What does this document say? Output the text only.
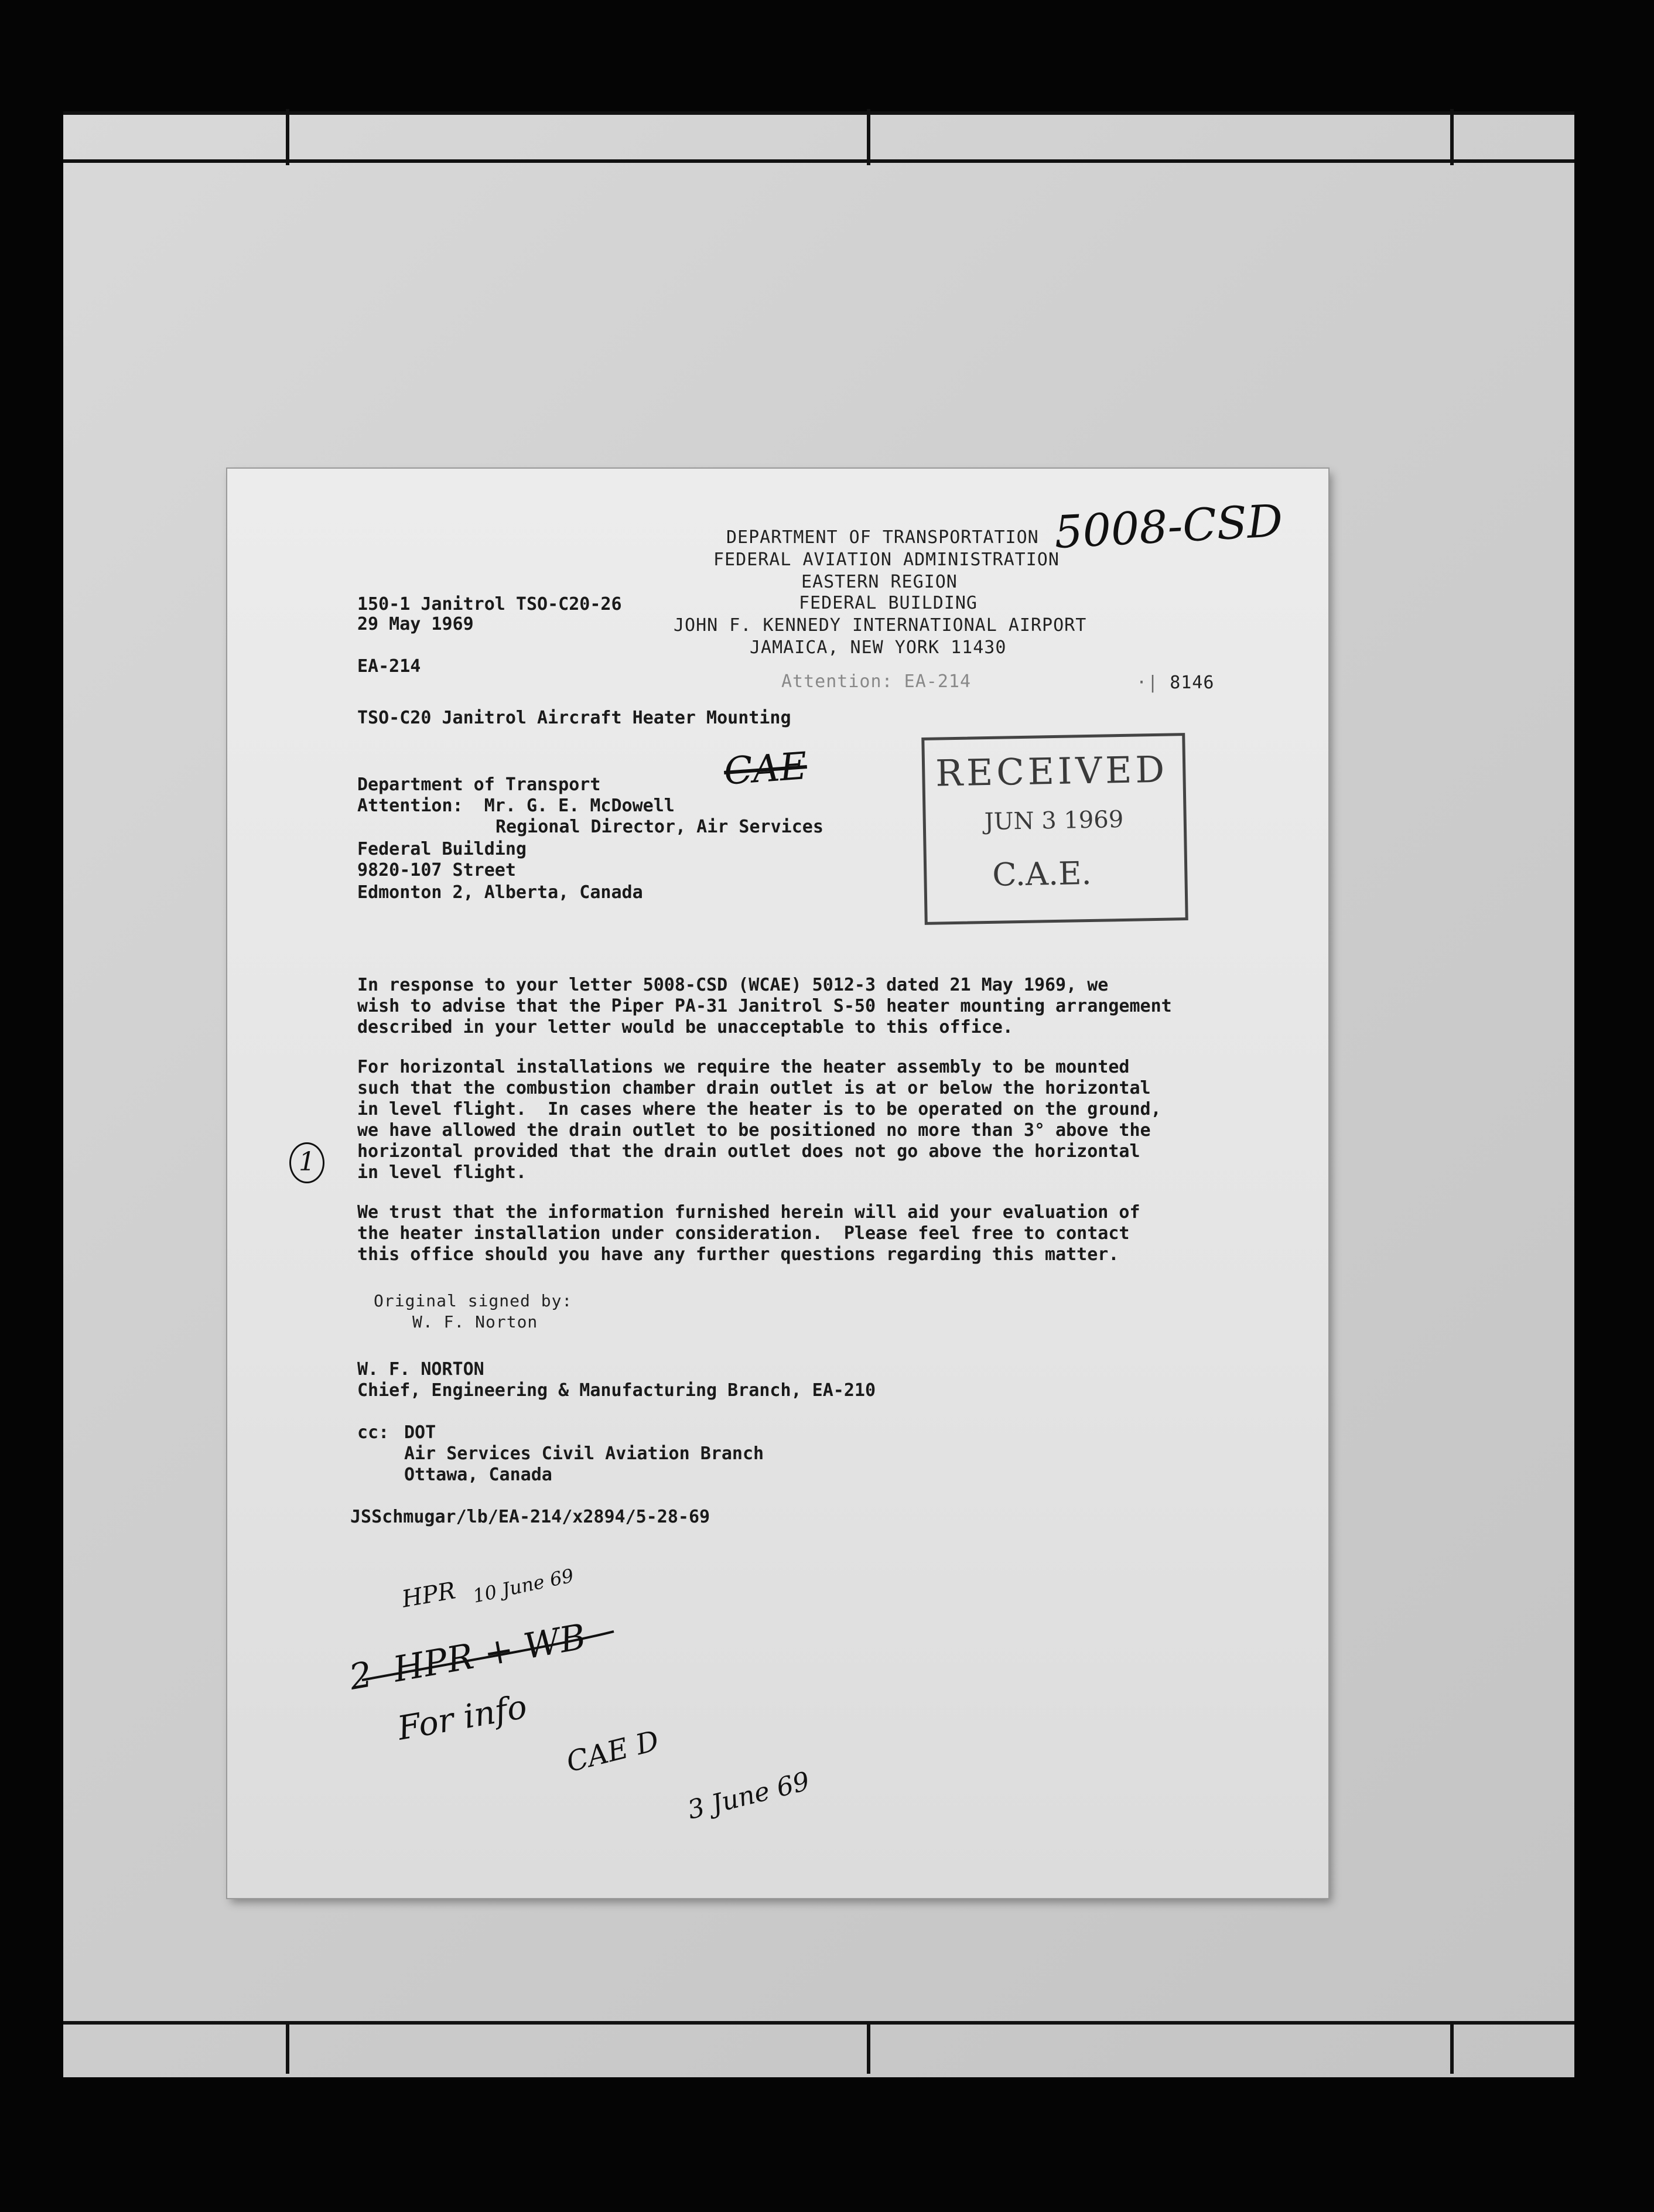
DEPARTMENT OF TRANSPORTATION
FEDERAL AVIATION ADMINISTRATION
EASTERN REGION
FEDERAL BUILDING
JOHN F. KENNEDY INTERNATIONAL AIRPORT
JAMAICA, NEW YORK 11430
Attention: EA-214
5008-CSD
·| 8146
150-1 Janitrol TSO-C20-26
29 May 1969
EA-214
TSO-C20 Janitrol Aircraft Heater Mounting
Department of Transport
Attention:  Mr. G. E. McDowell
Regional Director, Air Services
Federal Building
9820-107 Street
Edmonton 2, Alberta, Canada
CAE	RECEIVED
JUN 3 1969
C.A.E.
In response to your letter 5008-CSD (WCAE) 5012-3 dated 21 May 1969, we
wish to advise that the Piper PA-31 Janitrol S-50 heater mounting arrangement
described in your letter would be unacceptable to this office.
For horizontal installations we require the heater assembly to be mounted
such that the combustion chamber drain outlet is at or below the horizontal
in level flight.  In cases where the heater is to be operated on the ground,
we have allowed the drain outlet to be positioned no more than 3° above the
horizontal provided that the drain outlet does not go above the horizontal
in level flight.
1
We trust that the information furnished herein will aid your evaluation of
the heater installation under consideration.  Please feel free to contact
this office should you have any further questions regarding this matter.
Original signed by:
W. F. Norton
W. F. NORTON
Chief, Engineering & Manufacturing Branch, EA-210
cc: DOT
Air Services Civil Aviation Branch
Ottawa, Canada
JSSchmugar/lb/EA-214/x2894/5-28-69
HPR 10 June 69
2  HPR + WB
For info
CAE D
3 June 69
